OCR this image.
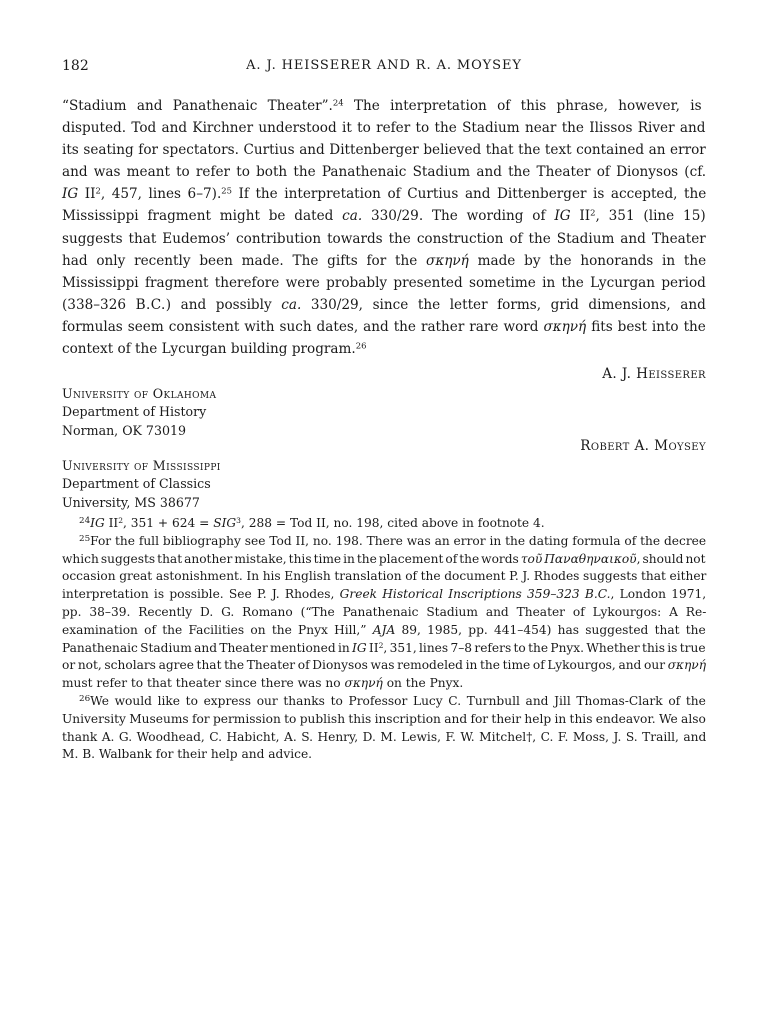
182	A. J. HEISSERER AND R. A. MOYSEY
“Stadium and Panathenaic Theater”.$^{24}$ The interpretation of this phrase, however, is
disputed. Tod and Kirchner understood it to refer to the Stadium near the Ilissos River and
its seating for spectators. Curtius and Dittenberger believed that the text contained an error
and was meant to refer to both the Panathenaic Stadium and the Theater of Dionysos (cf.
IG $II^2$, 457, lines 6–7).$^{25}$ If the interpretation of Curtius and Dittenberger is accepted, the
Mississippi fragment might be dated ca. 330/29. The wording of IG $II^2$, 351 (line 15)
suggests that Eudemos’ contribution towards the construction of the Stadium and Theater
had only recently been made. The gifts for the σκηνή made by the honorands in the
Mississippi fragment therefore were probably presented sometime in the Lycurgan period
(338–326 B.C.) and possibly ca. 330/29, since the letter forms, grid dimensions, and
formulas seem consistent with such dates, and the rather rare word σκηνή fits best into the
context of the Lycurgan building program.$^{26}$
A. J. Heisserer
University of Oklahoma
Department of History
Norman, OK 73019
Robert A. Moysey
University of Mississippi
Department of Classics
University, MS 38677
$^{24}$IG $II^2$, $351 + 624 = SIG^3$, 288 = Tod II, no. 198, cited above in footnote 4.
$^{25}$For the full bibliography see Tod II, no. 198. There was an error in the dating formula of the decree
which suggests that another mistake, this time in the placement of the words τοῦ Παναθηναικοῦ, should not
occasion great astonishment. In his English translation of the document P. J. Rhodes suggests that either
interpretation is possible. See P. J. Rhodes, Greek Historical Inscriptions 359–323 B.C., London 1971,
pp. 38–39. Recently D. G. Romano (“The Panathenaic Stadium and Theater of Lykourgos: A Re-
examination of the Facilities on the Pnyx Hill,” AJA 89, 1985, pp. 441–454) has suggested that the
Panathenaic Stadium and Theater mentioned in IG $II^2$, 351, lines 7–8 refers to the Pnyx. Whether this is true
or not, scholars agree that the Theater of Dionysos was remodeled in the time of Lykourgos, and our σκηνή
must refer to that theater since there was no σκηνή on the Pnyx.
$^{26}$We would like to express our thanks to Professor Lucy C. Turnbull and Jill Thomas-Clark of the
University Museums for permission to publish this inscription and for their help in this endeavor. We also
thank A. G. Woodhead, C. Habicht, A. S. Henry, D. M. Lewis, F. W. Mitchel†, C. F. Moss, J. S. Traill, and
M. B. Walbank for their help and advice.
